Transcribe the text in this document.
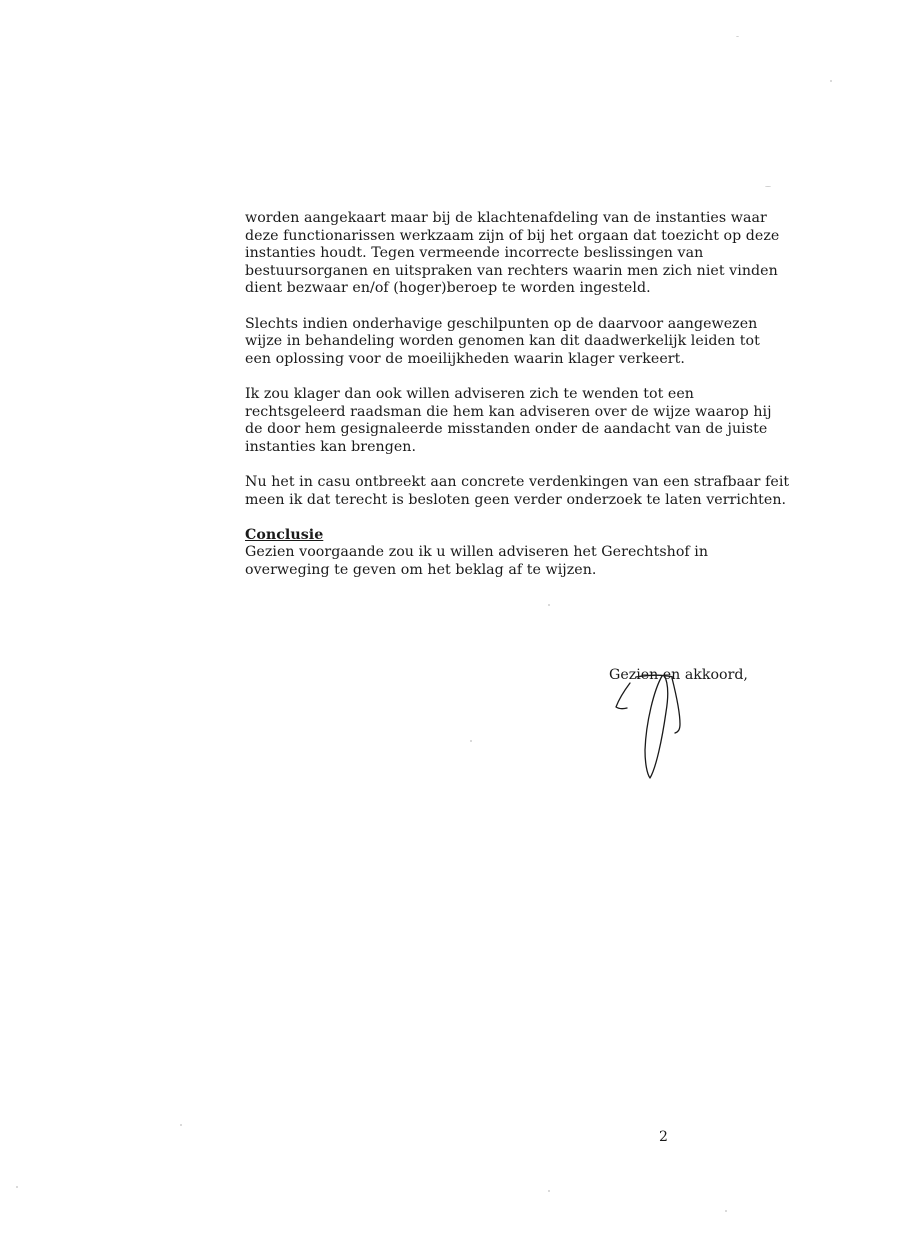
worden aangekaart maar bij de klachtenafdeling van de instanties waar
deze functionarissen werkzaam zijn of bij het orgaan dat toezicht op deze
instanties houdt. Tegen vermeende incorrecte beslissingen van
bestuursorganen en uitspraken van rechters waarin men zich niet vinden
dient bezwaar en/of (hoger)beroep te worden ingesteld.

Slechts indien onderhavige geschilpunten op de daarvoor aangewezen
wijze in behandeling worden genomen kan dit daadwerkelijk leiden tot
een oplossing voor de moeilijkheden waarin klager verkeert.

Ik zou klager dan ook willen adviseren zich te wenden tot een
rechtsgeleerd raadsman die hem kan adviseren over de wijze waarop hij
de door hem gesignaleerde misstanden onder de aandacht van de juiste
instanties kan brengen.

Nu het in casu ontbreekt aan concrete verdenkingen van een strafbaar feit
meen ik dat terecht is besloten geen verder onderzoek te laten verrichten.

Conclusie
Gezien voorgaande zou ik u willen adviseren het Gerechtshof in
overweging te geven om het beklag af te wijzen.

Gezien en akkoord,
2
